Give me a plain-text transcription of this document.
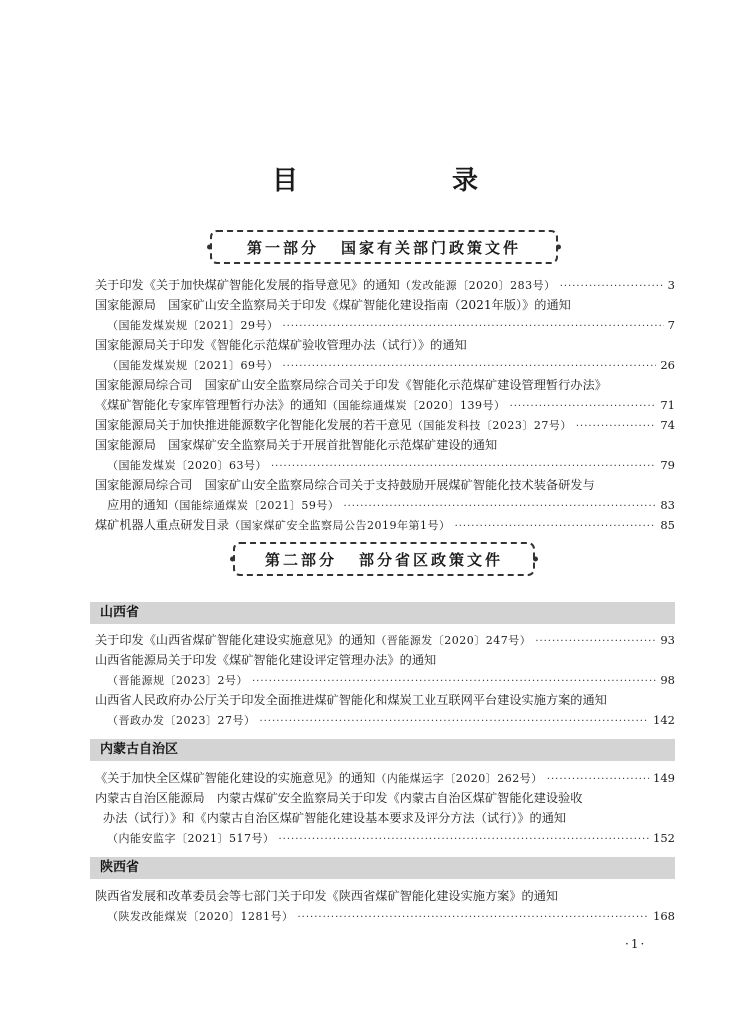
目　录
第一部分 国家有关部门政策文件
关于印发《关于加快煤矿智能化发展的指导意见》的通知 （发改能源〔2020〕283号） ·····	3
国家能源局　国家矿山安全监察局关于印发《煤矿智能化建设指南（2021年版）》的通知
（国能发煤炭规〔2021〕29号） ·····	7
国家能源局关于印发《智能化示范煤矿验收管理办法（试行）》的通知
（国能发煤炭规〔2021〕69号） ·····	26
国家能源局综合司　国家矿山安全监察局综合司关于印发《智能化示范煤矿建设管理暂行办法》
《煤矿智能化专家库管理暂行办法》的通知 （国能综通煤炭〔2020〕139号） ·····	71
国家能源局关于加快推进能源数字化智能化发展的若干意见 （国能发科技〔2023〕27号） ·····	74
国家能源局　国家煤矿安全监察局关于开展首批智能化示范煤矿建设的通知
（国能发煤炭〔2020〕63号） ·····	79
国家能源局综合司　国家矿山安全监察局综合司关于支持鼓励开展煤矿智能化技术装备研发与
应用的通知 （国能综通煤炭〔2021〕59号） ·····	83
煤矿机器人重点研发目录 （国家煤矿安全监察局公告2019年第1号） ·····	85
第二部分 部分省区政策文件
山西省
关于印发《山西省煤矿智能化建设实施意见》的通知 （晋能源发〔2020〕247号） ·····	93
山西省能源局关于印发《煤矿智能化建设评定管理办法》的通知
（晋能源规〔2023〕2号） ·····	98
山西省人民政府办公厅关于印发全面推进煤矿智能化和煤炭工业互联网平台建设实施方案的通知
（晋政办发〔2023〕27号） ·····	142
内蒙古自治区
《关于加快全区煤矿智能化建设的实施意见》的通知 （内能煤运字〔2020〕262号） ·····	149
内蒙古自治区能源局　内蒙古煤矿安全监察局关于印发《内蒙古自治区煤矿智能化建设验收
办法（试行）》和《内蒙古自治区煤矿智能化建设基本要求及评分方法（试行）》的通知
（内能安监字〔2021〕517号） ·····	152
陕西省
陕西省发展和改革委员会等七部门关于印发《陕西省煤矿智能化建设实施方案》的通知
（陕发改能煤炭〔2020〕1281号） ·····	168
·1·
